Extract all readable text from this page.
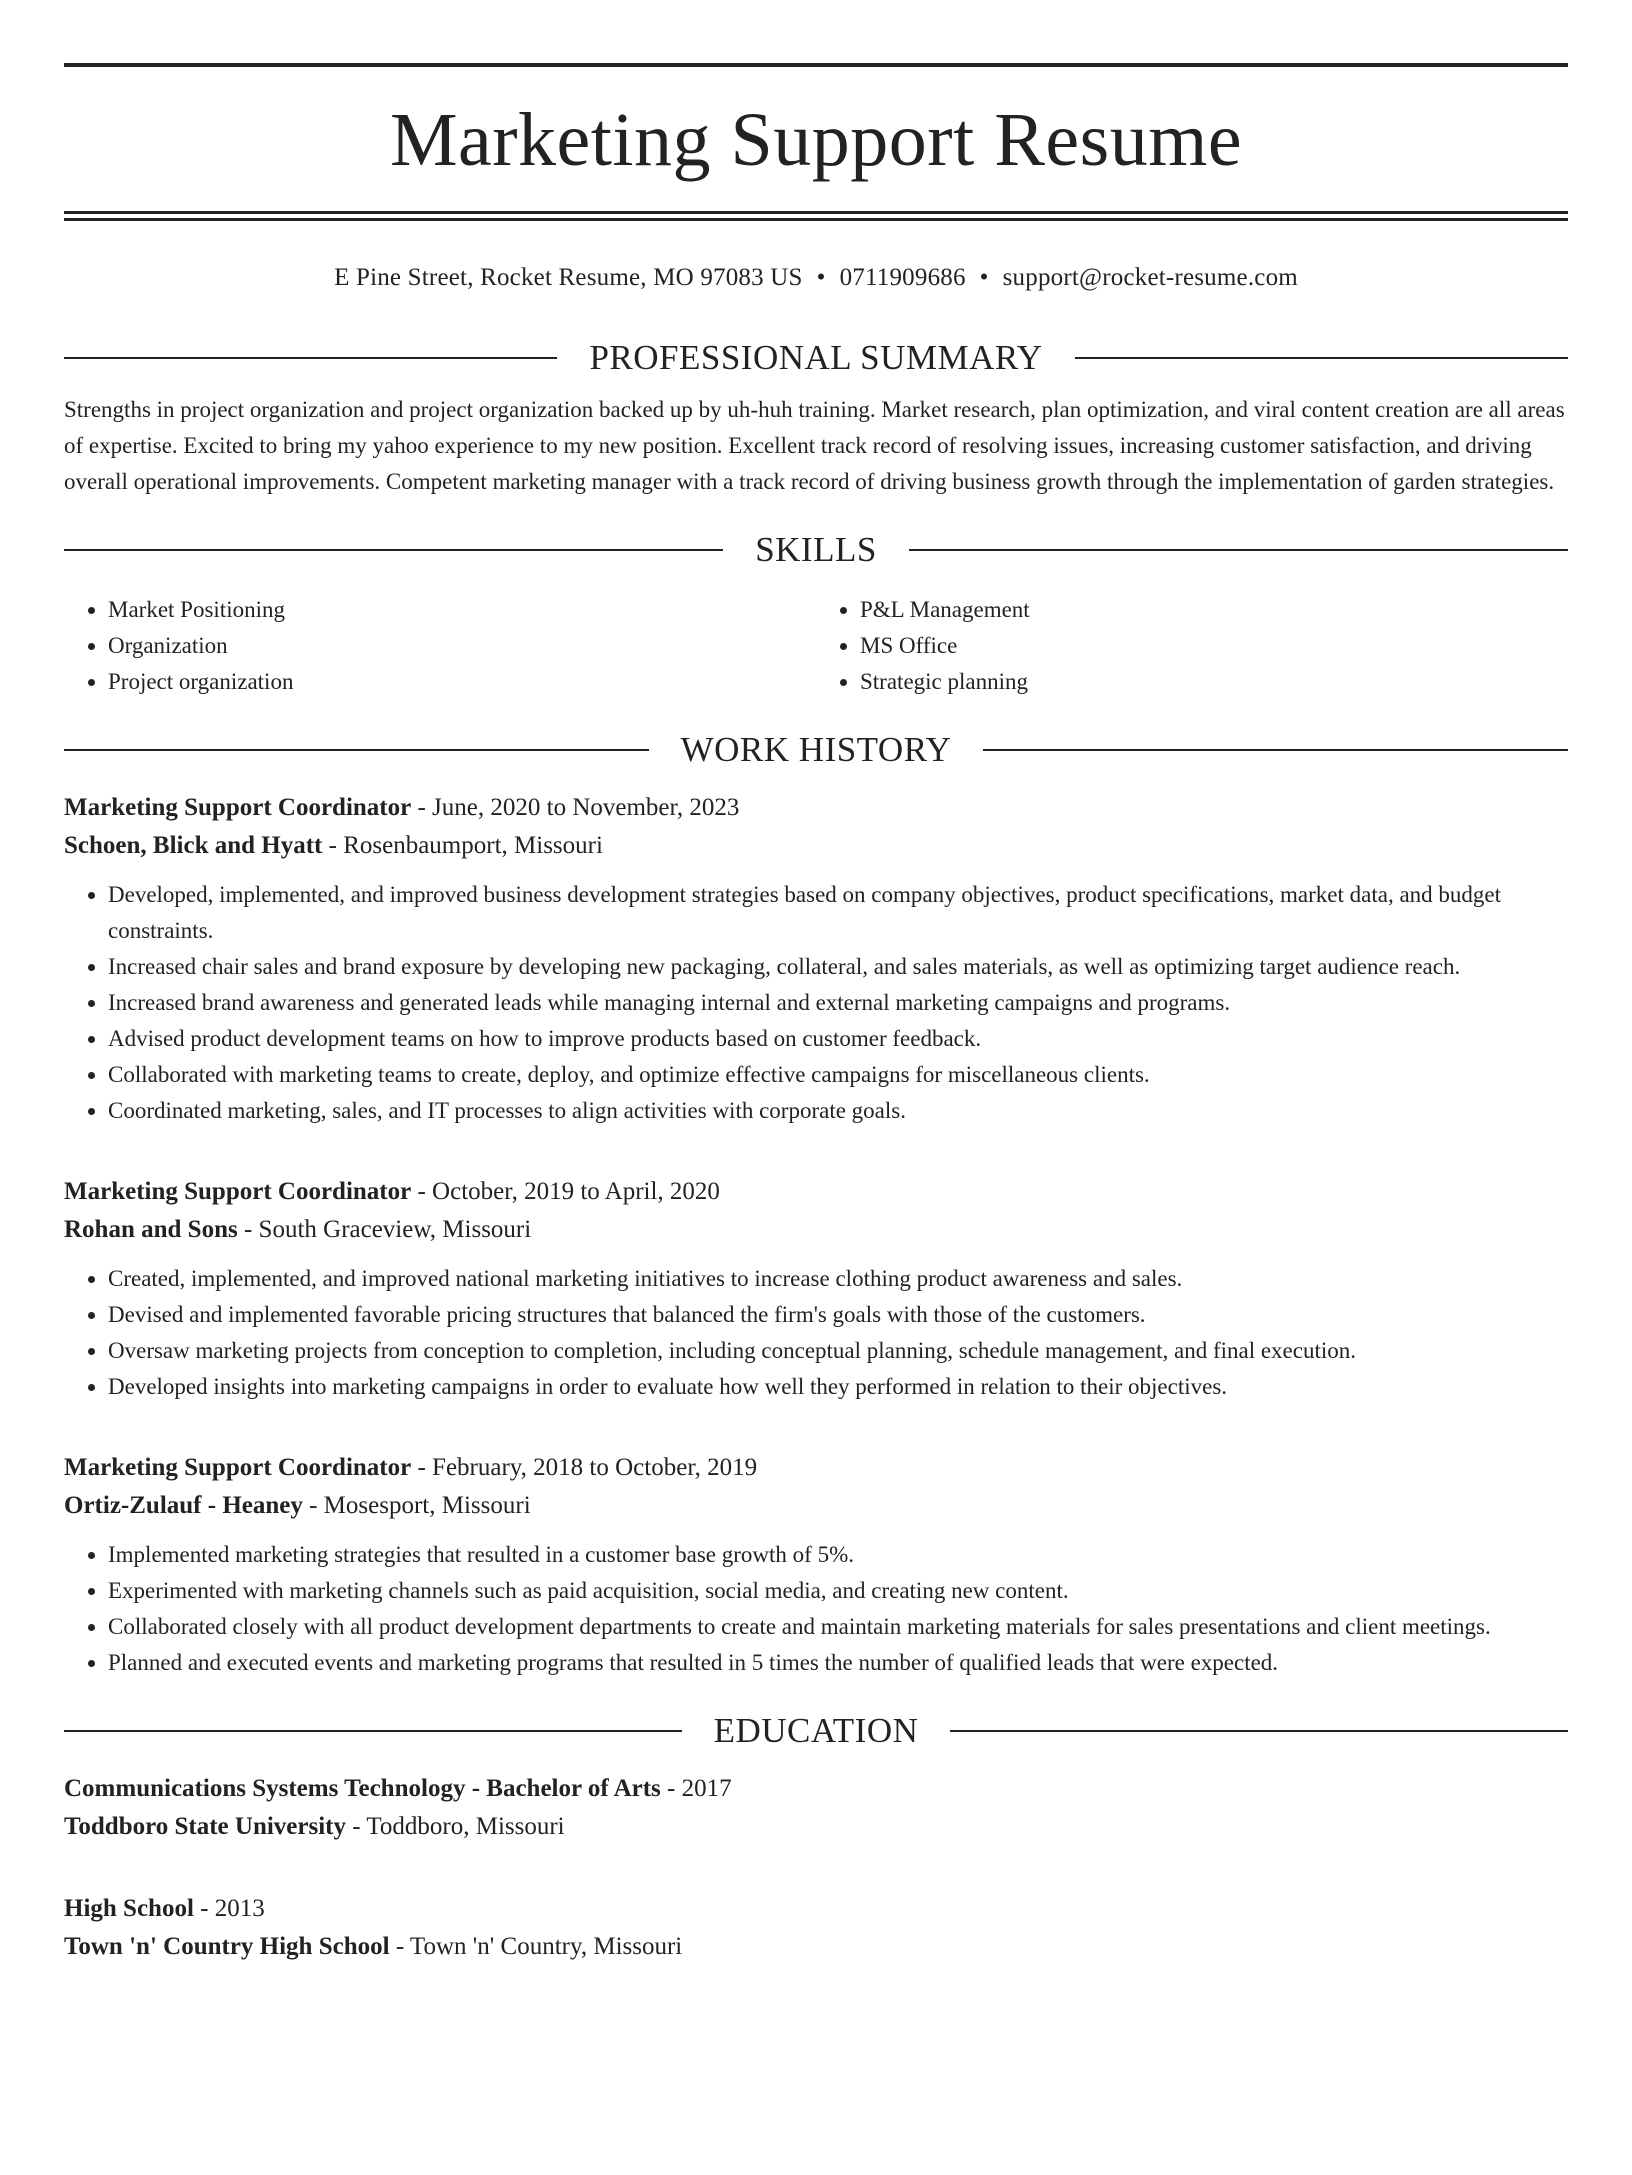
Marketing Support Resume
E Pine Street, Rocket Resume, MO 97083 US • 0711909686 • support@rocket-resume.com
PROFESSIONAL SUMMARY
Strengths in project organization and project organization backed up by uh-huh training. Market research, plan optimization, and viral content creation are all areas of expertise. Excited to bring my yahoo experience to my new position. Excellent track record of resolving issues, increasing customer satisfaction, and driving overall operational improvements. Competent marketing manager with a track record of driving business growth through the implementation of garden strategies.
SKILLS
• Market Positioning
• Organization
• Project organization
• P&L Management
• MS Office
• Strategic planning
WORK HISTORY
Marketing Support Coordinator - June, 2020 to November, 2023
Schoen, Blick and Hyatt - Rosenbaumport, Missouri
• Developed, implemented, and improved business development strategies based on company objectives, product specifications, market data, and budget constraints.
• Increased chair sales and brand exposure by developing new packaging, collateral, and sales materials, as well as optimizing target audience reach.
• Increased brand awareness and generated leads while managing internal and external marketing campaigns and programs.
• Advised product development teams on how to improve products based on customer feedback.
• Collaborated with marketing teams to create, deploy, and optimize effective campaigns for miscellaneous clients.
• Coordinated marketing, sales, and IT processes to align activities with corporate goals.
Marketing Support Coordinator - October, 2019 to April, 2020
Rohan and Sons - South Graceview, Missouri
• Created, implemented, and improved national marketing initiatives to increase clothing product awareness and sales.
• Devised and implemented favorable pricing structures that balanced the firm's goals with those of the customers.
• Oversaw marketing projects from conception to completion, including conceptual planning, schedule management, and final execution.
• Developed insights into marketing campaigns in order to evaluate how well they performed in relation to their objectives.
Marketing Support Coordinator - February, 2018 to October, 2019
Ortiz-Zulauf - Heaney - Mosesport, Missouri
• Implemented marketing strategies that resulted in a customer base growth of 5%.
• Experimented with marketing channels such as paid acquisition, social media, and creating new content.
• Collaborated closely with all product development departments to create and maintain marketing materials for sales presentations and client meetings.
• Planned and executed events and marketing programs that resulted in 5 times the number of qualified leads that were expected.
EDUCATION
Communications Systems Technology - Bachelor of Arts - 2017
Toddboro State University - Toddboro, Missouri
High School - 2013
Town 'n' Country High School - Town 'n' Country, Missouri
